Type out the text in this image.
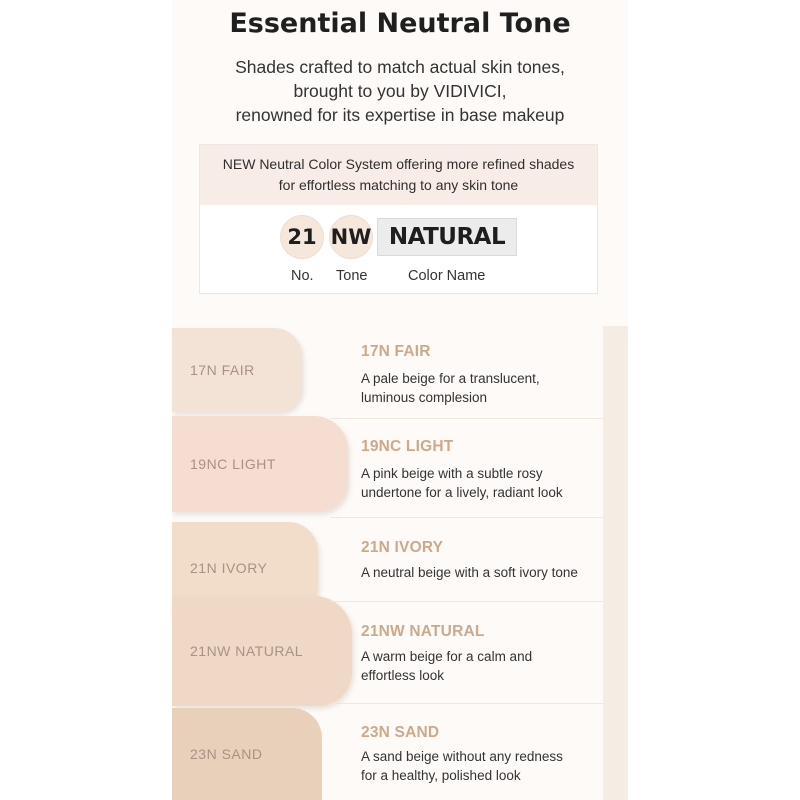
Essential Neutral Tone
Shades crafted to match actual skin tones,
brought to you by VIDIVICI,
renowned for its expertise in base makeup
NEW Neutral Color System offering more refined shades
for effortless matching to any skin tone
21 NW NATURAL
No. Tone	Color Name
17N FAIR
19NC LIGHT
21N IVORY
21NW NATURAL
23N SAND
17N FAIR
A pale beige for a translucent,
luminous complesion
19NC LIGHT
A pink beige with a subtle rosy
undertone for a lively, radiant look
21N IVORY
A neutral beige with a soft ivory tone
21NW NATURAL
A warm beige for a calm and
effortless look
23N SAND
A sand beige without any redness
for a healthy, polished look
